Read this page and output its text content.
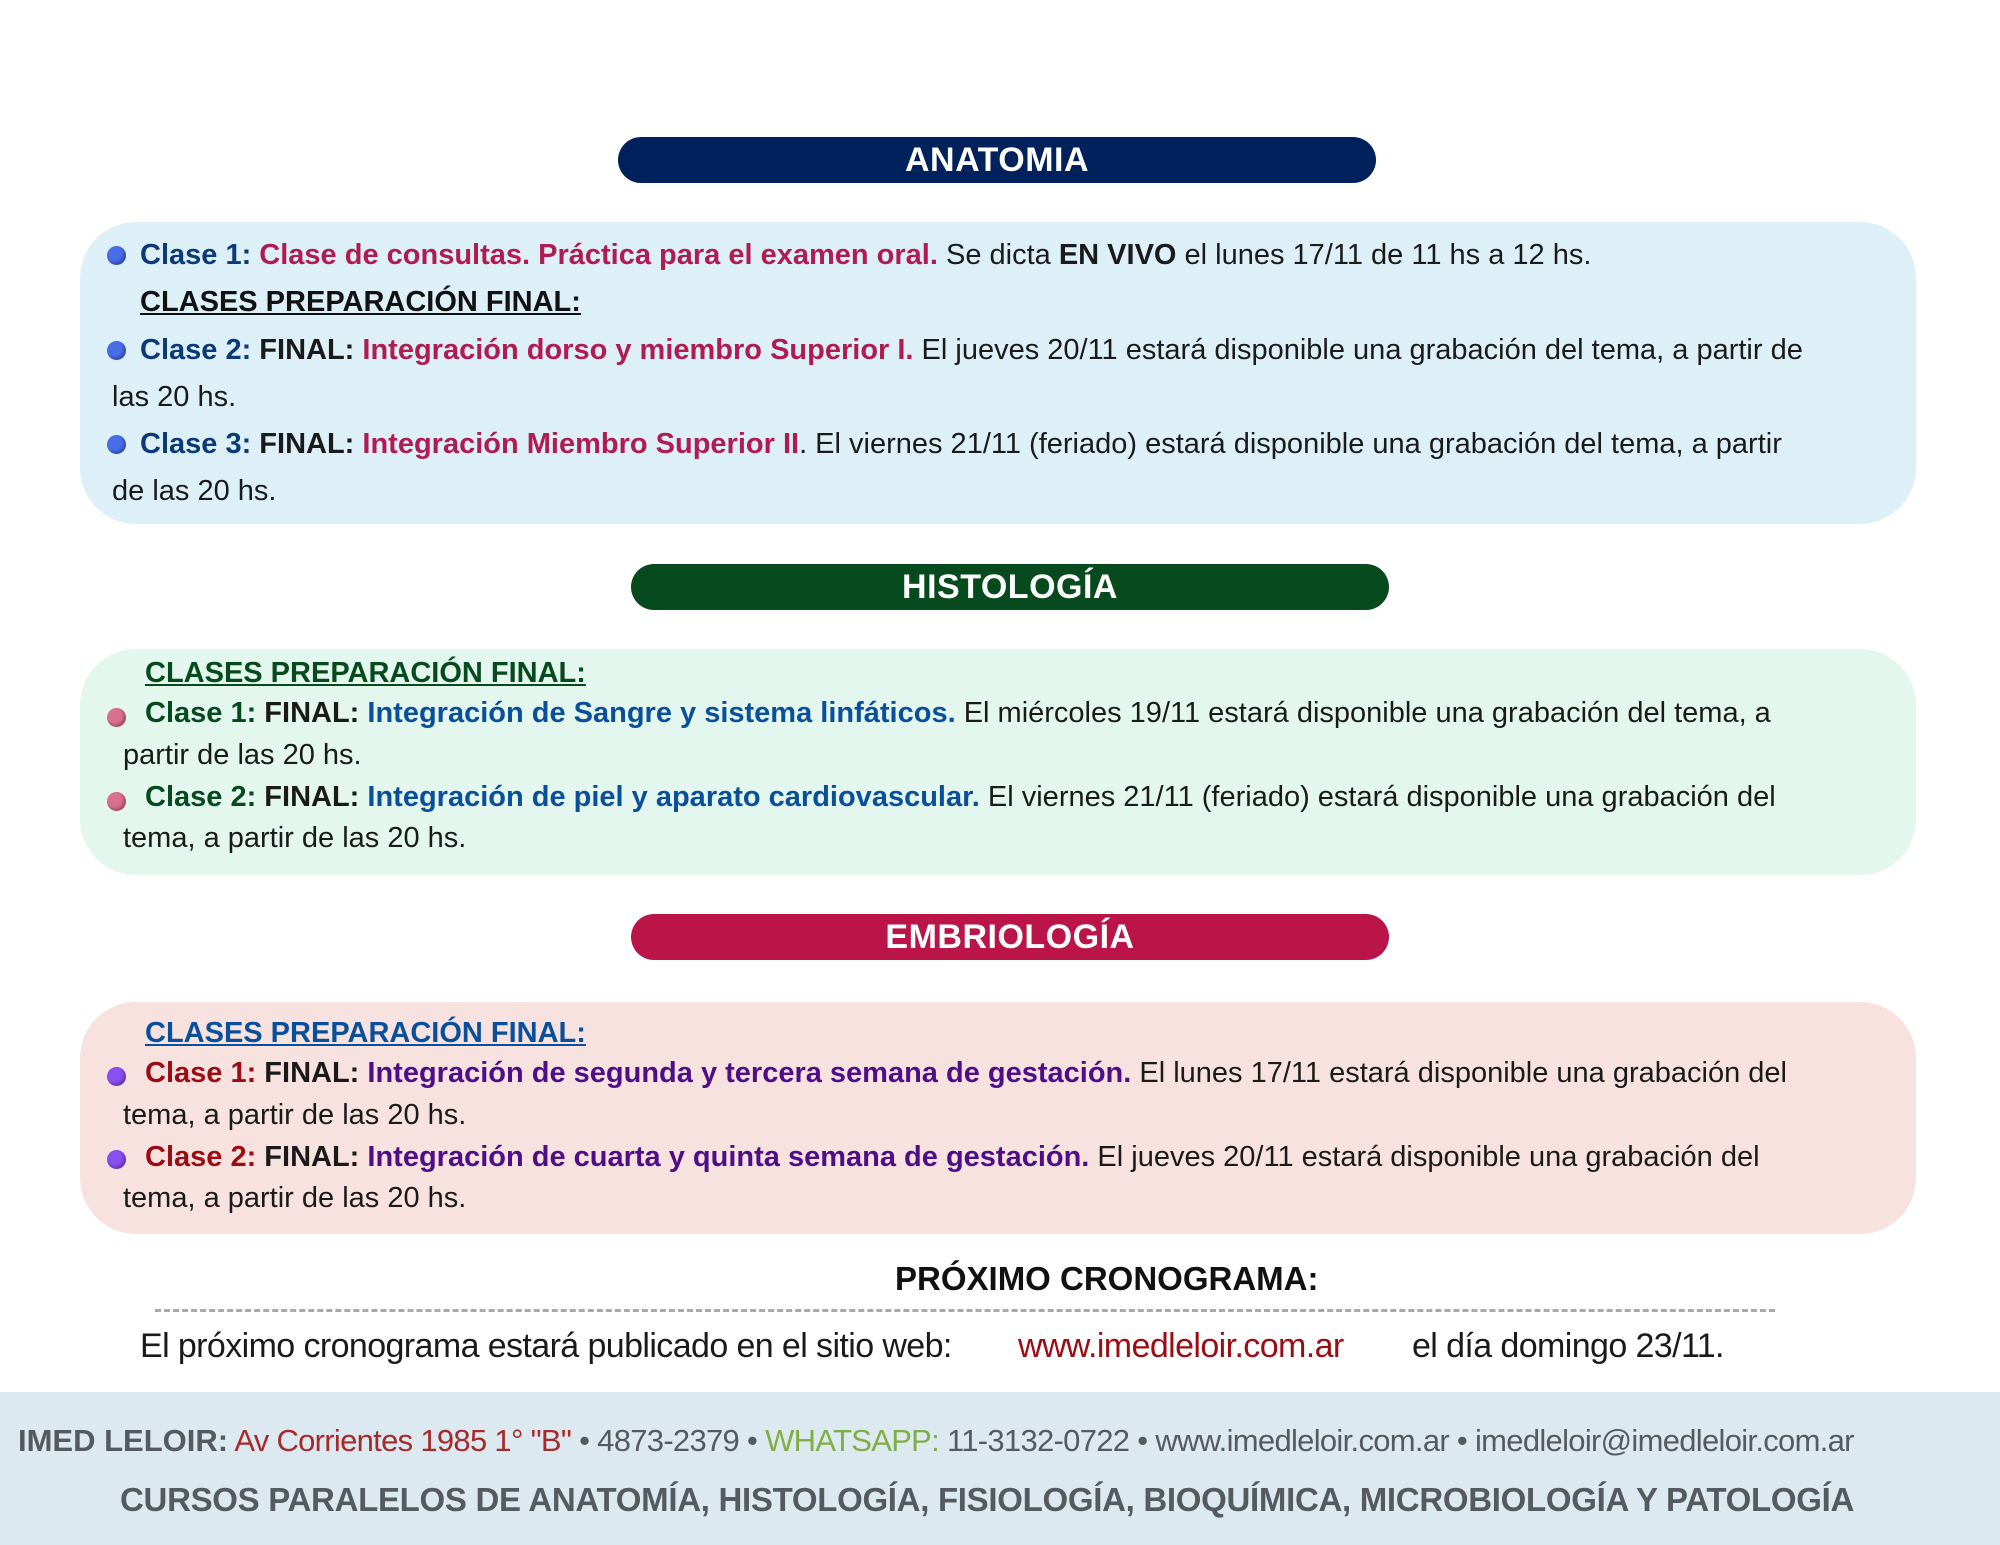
ANATOMIA
Clase 1: Clase de consultas. Práctica para el examen oral. Se dicta EN VIVO el lunes 17/11 de 11 hs a 12 hs.
CLASES PREPARACIÓN FINAL:
Clase 2: FINAL: Integración dorso y miembro Superior I. El jueves 20/11 estará disponible una grabación del tema, a partir de
las 20 hs.
Clase 3: FINAL: Integración Miembro Superior II. El viernes 21/11 (feriado) estará disponible una grabación del tema, a partir
de las 20 hs.
HISTOLOGÍA
CLASES PREPARACIÓN FINAL:
Clase 1: FINAL: Integración de Sangre y sistema linfáticos. El miércoles 19/11 estará disponible una grabación del tema, a
partir de las 20 hs.
Clase 2: FINAL: Integración de piel y aparato cardiovascular. El viernes 21/11 (feriado) estará disponible una grabación del
tema, a partir de las 20 hs.
EMBRIOLOGÍA
CLASES PREPARACIÓN FINAL:
Clase 1: FINAL: Integración de segunda y tercera semana de gestación. El lunes 17/11 estará disponible una grabación del
tema, a partir de las 20 hs.
Clase 2: FINAL: Integración de cuarta y quinta semana de gestación. El jueves 20/11 estará disponible una grabación del
tema, a partir de las 20 hs.
PRÓXIMO CRONOGRAMA:
El próximo cronograma estará publicado en el sitio web: www.imedleloir.com.ar el día domingo 23/11.
IMED LELOIR: Av Corrientes 1985 1° "B" • 4873-2379 • WHATSAPP: 11-3132-0722 • www.imedleloir.com.ar • imedleloir@imedleloir.com.ar
CURSOS PARALELOS DE ANATOMÍA, HISTOLOGÍA, FISIOLOGÍA, BIOQUÍMICA, MICROBIOLOGÍA Y PATOLOGÍA
